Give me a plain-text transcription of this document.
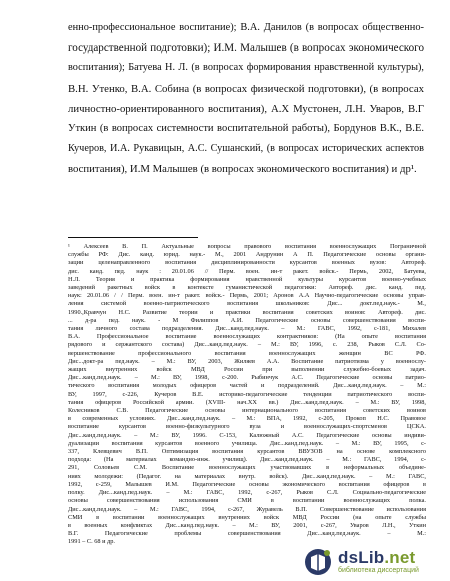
енно-профессиональное воспитание); В.А. Данилов (в вопросах общественно-
государственной подготовки); И.М. Малышев (в вопросах экономического
воспитания); Батуева Н. Л. (в вопросах формирования нравственной культуры),
В.Н. Утенко, В.А. Собина (в вопросах физической подготовки), (в вопросах
личностно-ориентированного воспитания), А.Х Мустонен, Л.Н. Уваров, В.Г
Уткин (в вопросах системности воспитательной работы), Бордунов В.К., В.Е.
Кучеров, И.А. Рукавицын, А.С. Сушанский, (в вопросах исторических аспектов
воспитания), И.М Малышев (в вопросах экономического воспитания) и др¹.
¹ Алексеев В. П. Актуальные вопросы правового воспитания военнослужащих Пограничной
службы РФ: Дис. канд. юрид. наук.- М., 2001 Андрунин А П. Педагогические основы органи-
зации целенаправленного воспитания дисциплинированности курсантов военных вузов: Автореф.
дис. канд. пед. наук : 20.01.06 // Перм. воен. ин-т ракет. войск.- Пермь, 2002, Батуева,
Н.Л. Теория и практика формирования нравственной культуры курсантов военно-учебных
заведений ракетных войск в контексте гуманистической педагогики: Автореф. дис. канд. пед.
наук: 20.01.06 / / Перм. воен. ин-т ракет. войск.- Пермь, 2001; Аронов А.А Научно-педагогические основы управ-
ления системой военно-патриотического воспитания школьников: Дис... докт.пед.наук.- М.,
1990.,Кравчун Н.С. Развитие теории и практики воспитания советских воинов: Автореф. дис.
... д-ра пед. наук. - М Филиппов А.И. Педагогические основы совершенствования воспи-
тания личного состава подразделения. Дис...канд.пед.наук. – М.: ГАВС, 1992, с-181, Михалев
В.А. Профессиональное воспитание военнослужащих контрактников: (На опыте воспитания
рядового и сержантского состава) Дис...канд.пед.наук. – М.: ВУ, 1996, с. 238, Рыков С.Л. Со-
вершенствование профессионального воспитания военнослужащих женщин ВС РФ.
Дис...докт-ра пед.наук. – М.: ВУ, 2003, Жиляев А.А. Воспитание патриотизма у военнослу-
жащих внутренних войск МВД России при выполнении служебно-боевых задач.
Дис...канд.пед.наук. – М.: ВУ, 1998, с-200. Рыбинчук А.С. Педагогические основы патрио-
тического воспитания молодых офицеров частей и подразделений. Дис...канд.пед.наук. – М.:
ВУ, 1997, с-226, Кучеров В.Е. историко-педагогические тенденции патриотического воспи-
тания офицеров Российской армии. (XVIII- нач.XX вв.) Дис...канд.пед.наук. – М.: ВУ, 1998,
Колесников С.В. Педагогические основы интернационального воспитания советских воинов
в современных условиях. Дис...канд.пед.наук. – М.: ВПА, 1992, с-205, Прокоп Н.С. Правовое
воспитание курсантов военно-физкультурного вуза и военнослужащих-спортсменов ЦСКА.
Дис...канд.пед.наук. – М.: ВУ, 1996. С-153, Калюжный А.С. Педагогические основы индиви-
дуализации воспитания курсантов военного училища. Дис...канд.пед.наук. – М.: ВУ, 1995, с-
337, Клевцевич В.П. Оптимизация воспитания курсантов ВВУЗОВ на основе комплексного
подхода: (На материалах командно-инж. училищ). Дис...канд.пед.наук. – М.: ГАВС, 1994, с-
291, Соловьев С.М. Воспитание военнослужащих участвовавших в неформальных объедине-
ниях молодежи: (Педагог. на материалах внутр. войск). Дис...канд.пед.наук. – М.: ГАВС,
1992, с-259, Малышев И.М. Педагогические основы экономического воспитания офицеров в
полку. Дис...канд.пед.наук. – М.: ГАВС, 1992, с-267, Рыков С.Л. Социально-педагогические
основы совершенствования использования СМИ в воспитании военнослужащих полка.
Дис...канд.пед.наук. – М.: ГАВС, 1994, с-267, Журавель В.П. Совершенствование использования
СМИ в воспитании военнослужащих внутренних войск МВД России (на опыте службы
в военных конфликтах Дис...канд.пед.наук. – М.: ВУ, 2001, с-267, Уваров Л.Н., Уткин
В.Г. Педагогические проблемы совершенствования Дис...канд.пед.наук. – М.:
1991 – С. 68 и др.
dsLib.net
библиотека диссертаций
